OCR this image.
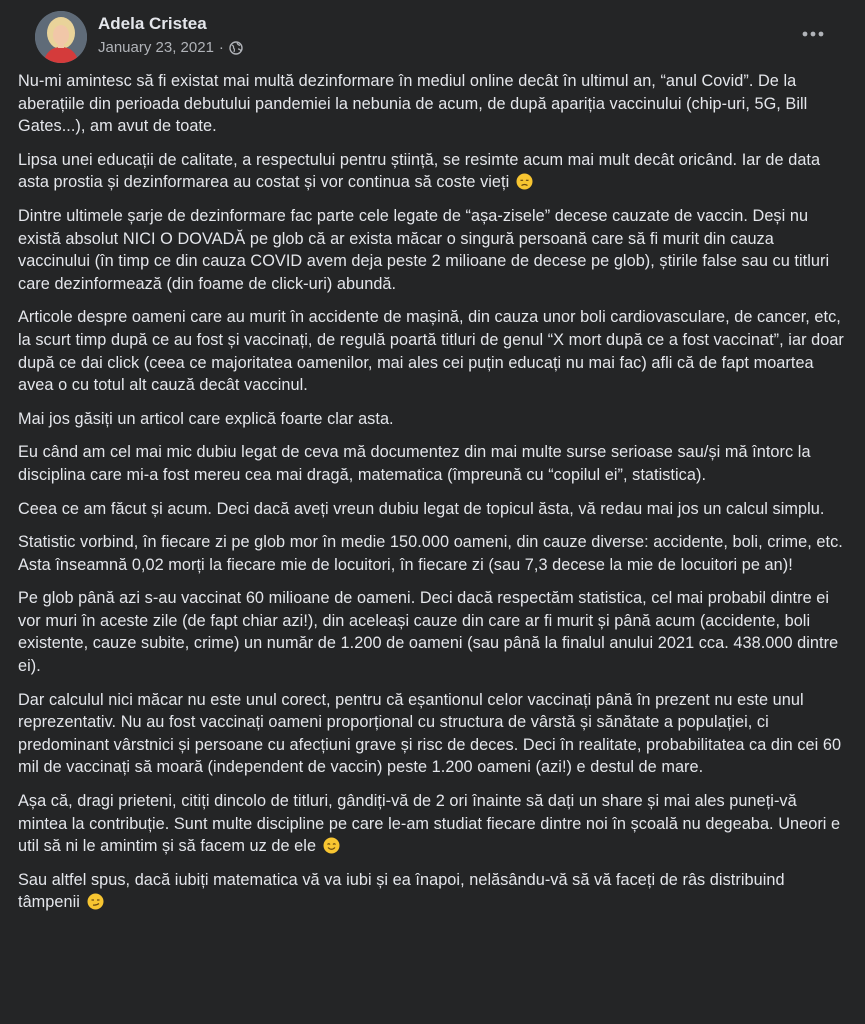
Adela Cristea
January 23, 2021 ·

Nu-mi amintesc să fi existat mai multă dezinformare în mediul online decât în ultimul an, “anul Covid”. De la aberațiile din perioada debutului pandemiei la nebunia de acum, de după apariția vaccinului (chip-uri, 5G, Bill Gates...), am avut de toate.

Lipsa unei educații de calitate, a respectului pentru știință, se resimte acum mai mult decât oricând. Iar de data asta prostia și dezinformarea au costat și vor continua să coste vieți

Dintre ultimele șarje de dezinformare fac parte cele legate de “așa-zisele” decese cauzate de vaccin. Deși nu există absolut NICI O DOVADĂ pe glob că ar exista măcar o singură persoană care să fi murit din cauza vaccinului (în timp ce din cauza COVID avem deja peste 2 milioane de decese pe glob), știrile false sau cu titluri care dezinformează (din foame de click-uri) abundă.

Articole despre oameni care au murit în accidente de mașină, din cauza unor boli cardiovasculare, de cancer, etc, la scurt timp după ce au fost și vaccinați, de regulă poartă titluri de genul “X mort după ce a fost vaccinat”, iar doar după ce dai click (ceea ce majoritatea oamenilor, mai ales cei puțin educați nu mai fac) afli că de fapt moartea avea o cu totul alt cauză decât vaccinul.

Mai jos găsiți un articol care explică foarte clar asta.

Eu când am cel mai mic dubiu legat de ceva mă documentez din mai multe surse serioase sau/și mă întorc la disciplina care mi-a fost mereu cea mai dragă, matematica (împreună cu “copilul ei”, statistica).

Ceea ce am făcut și acum. Deci dacă aveți vreun dubiu legat de topicul ăsta, vă redau mai jos un calcul simplu.

Statistic vorbind, în fiecare zi pe glob mor în medie 150.000 oameni, din cauze diverse: accidente, boli, crime, etc. Asta înseamnă 0,02 morți la fiecare mie de locuitori, în fiecare zi (sau 7,3 decese la mie de locuitori pe an)!

Pe glob până azi s-au vaccinat 60 milioane de oameni. Deci dacă respectăm statistica, cel mai probabil dintre ei vor muri în aceste zile (de fapt chiar azi!), din aceleași cauze din care ar fi murit și până acum (accidente, boli existente, cauze subite, crime) un număr de 1.200 de oameni (sau până la finalul anului 2021 cca. 438.000 dintre ei).

Dar calculul nici măcar nu este unul corect, pentru că eșantionul celor vaccinați până în prezent nu este unul reprezentativ. Nu au fost vaccinați oameni proporțional cu structura de vârstă și sănătate a populației, ci predominant vârstnici și persoane cu afecțiuni grave și risc de deces. Deci în realitate, probabilitatea ca din cei 60 mil de vaccinați să moară (independent de vaccin) peste 1.200 oameni (azi!) e destul de mare.

Așa că, dragi prieteni, citiți dincolo de titluri, gândiți-vă de 2 ori înainte să dați un share și mai ales puneți-vă mintea la contribuție. Sunt multe discipline pe care le-am studiat fiecare dintre noi în școală nu degeaba. Uneori e util să ni le amintim și să facem uz de ele

Sau altfel spus, dacă iubiți matematica vă va iubi și ea înapoi, nelăsându-vă să vă faceți de râs distribuind tâmpenii
